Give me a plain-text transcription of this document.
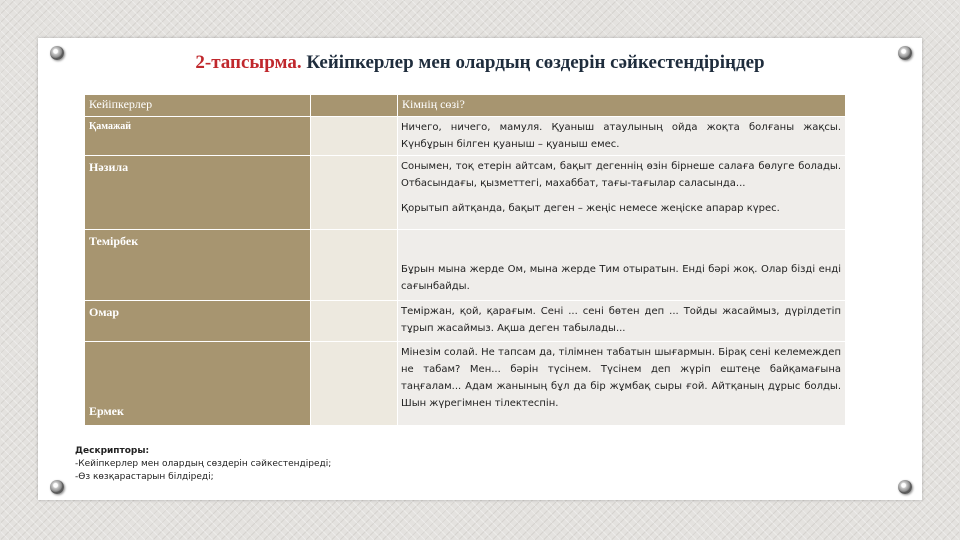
2-тапсырма. Кейіпкерлер мен олардың сөздерін сәйкестендіріңдер
Кейіпкерлер		Кімнің сөзі?

Қамажай		Ничего, ничего, мамуля. Қуаныш атаулының ойда жоқта болғаны жақсы. Күнбұрын білген қуаныш – қуаныш емес.

Нәзила		Сонымен, тоқ етерін айтсам, бақыт дегеннің өзін бірнеше салаға бөлуге болады. Отбасындағы, қызметтегі, махаббат, тағы-тағылар саласында...

Қорытып айтқанда, бақыт деген – жеңіс немесе жеңіске апарар күрес.

Темірбек		Бұрын мына жерде Ом, мына жерде Тим отыратын. Енді бәрі жоқ. Олар бізді енді сағынбайды.

Омар		Теміржан, қой, қарағым. Сені ... сені бөтен деп ... Тойды жасаймыз, дүрілдетіп тұрып жасаймыз. Ақша деген табылады...

Ермек		Мінезім солай. Не тапсам да, тілімнен табатын шығармын. Бірақ сені келемеждеп не табам? Мен... бәрін түсінем. Түсінем деп жүріп ештеңе байқамағына таңғалам... Адам жанының бұл да бір жұмбақ сыры ғой. Айтқаның дұрыс болды. Шын жүрегімнен тілектеспін.

Дескрипторы:
-Кейіпкерлер мен олардың сөздерін сәйкестендіреді;
-Өз көзқарастарын білдіреді;
